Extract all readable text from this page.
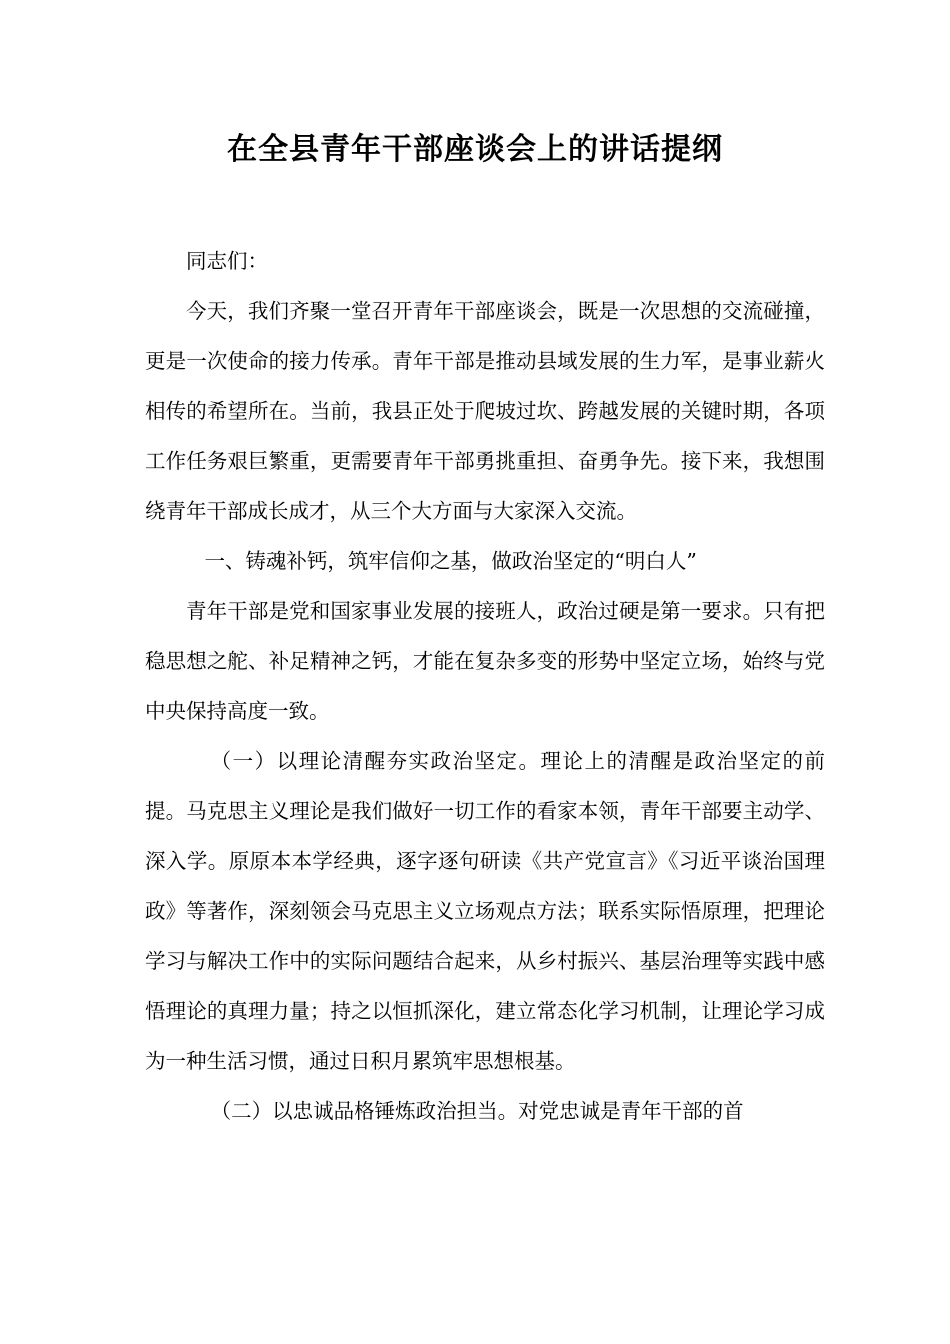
在全县青年干部座谈会上的讲话提纲

同志们：

今天，我们齐聚一堂召开青年干部座谈会，既是一次思想的交流碰撞，更是一次使命的接力传承。青年干部是推动县域发展的生力军，是事业薪火相传的希望所在。当前，我县正处于爬坡过坎、跨越发展的关键时期，各项工作任务艰巨繁重，更需要青年干部勇挑重担、奋勇争先。接下来，我想围绕青年干部成长成才，从三个大方面与大家深入交流。

一、铸魂补钙，筑牢信仰之基，做政治坚定的“明白人”

青年干部是党和国家事业发展的接班人，政治过硬是第一要求。只有把稳思想之舵、补足精神之钙，才能在复杂多变的形势中坚定立场，始终与党中央保持高度一致。

（一）以理论清醒夯实政治坚定。理论上的清醒是政治坚定的前提。马克思主义理论是我们做好一切工作的看家本领，青年干部要主动学、深入学。原原本本学经典，逐字逐句研读《共产党宣言》《习近平谈治国理政》等著作，深刻领会马克思主义立场观点方法；联系实际悟原理，把理论学习与解决工作中的实际问题结合起来，从乡村振兴、基层治理等实践中感悟理论的真理力量；持之以恒抓深化，建立常态化学习机制，让理论学习成为一种生活习惯，通过日积月累筑牢思想根基。

（二）以忠诚品格锤炼政治担当。对党忠诚是青年干部的首
